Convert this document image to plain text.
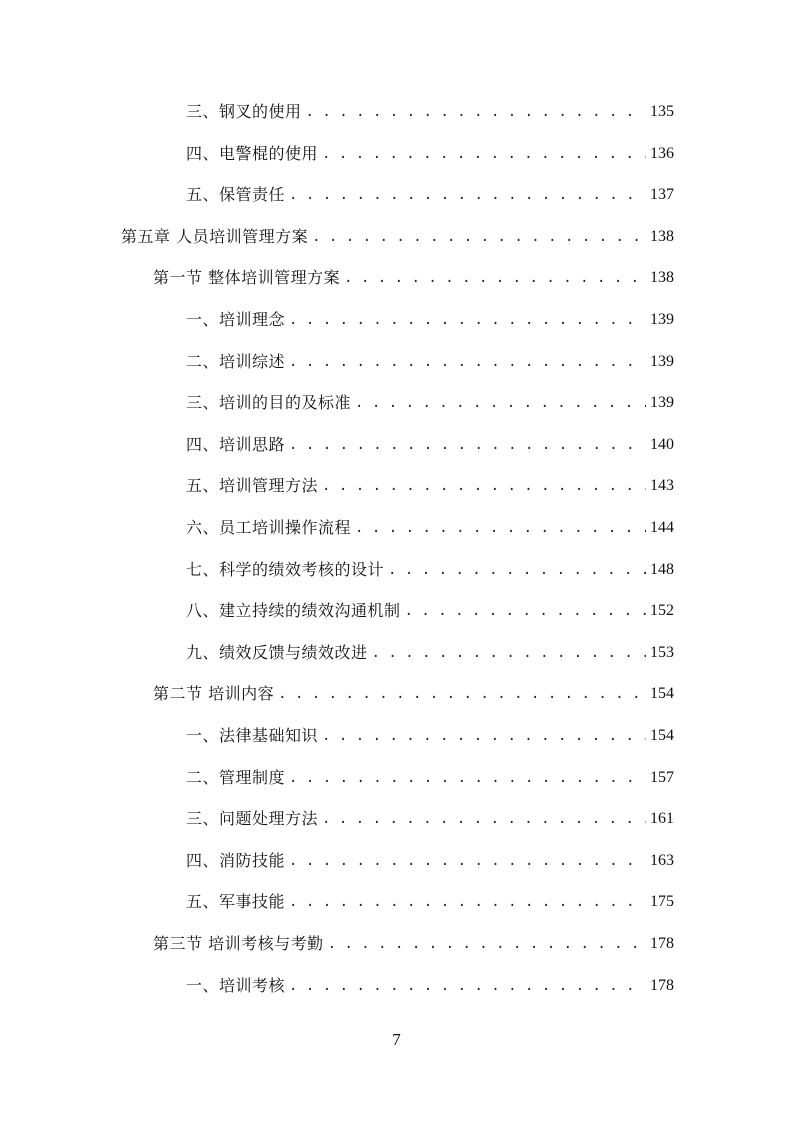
三、钢叉的使用 . . .	135
四、电警棍的使用 . . .	136
五、保管责任 . . .	137
第五章 人员培训管理方案 . . .	138
第一节 整体培训管理方案 . . .	138
一、培训理念 . . .	139
二、培训综述 . . .	139
三、培训的目的及标准 . . .	139
四、培训思路 . . .	140
五、培训管理方法 . . .	143
六、员工培训操作流程 . . .	144
七、科学的绩效考核的设计 . . .	148
八、建立持续的绩效沟通机制 . . .	152
九、绩效反馈与绩效改进 . . .	153
第二节 培训内容 . . .	154
一、法律基础知识 . . .	154
二、管理制度 . . .	157
三、问题处理方法 . . .	161
四、消防技能 . . .	163
五、军事技能 . . .	175
第三节 培训考核与考勤 . . .	178
一、培训考核 . . .	178
7
